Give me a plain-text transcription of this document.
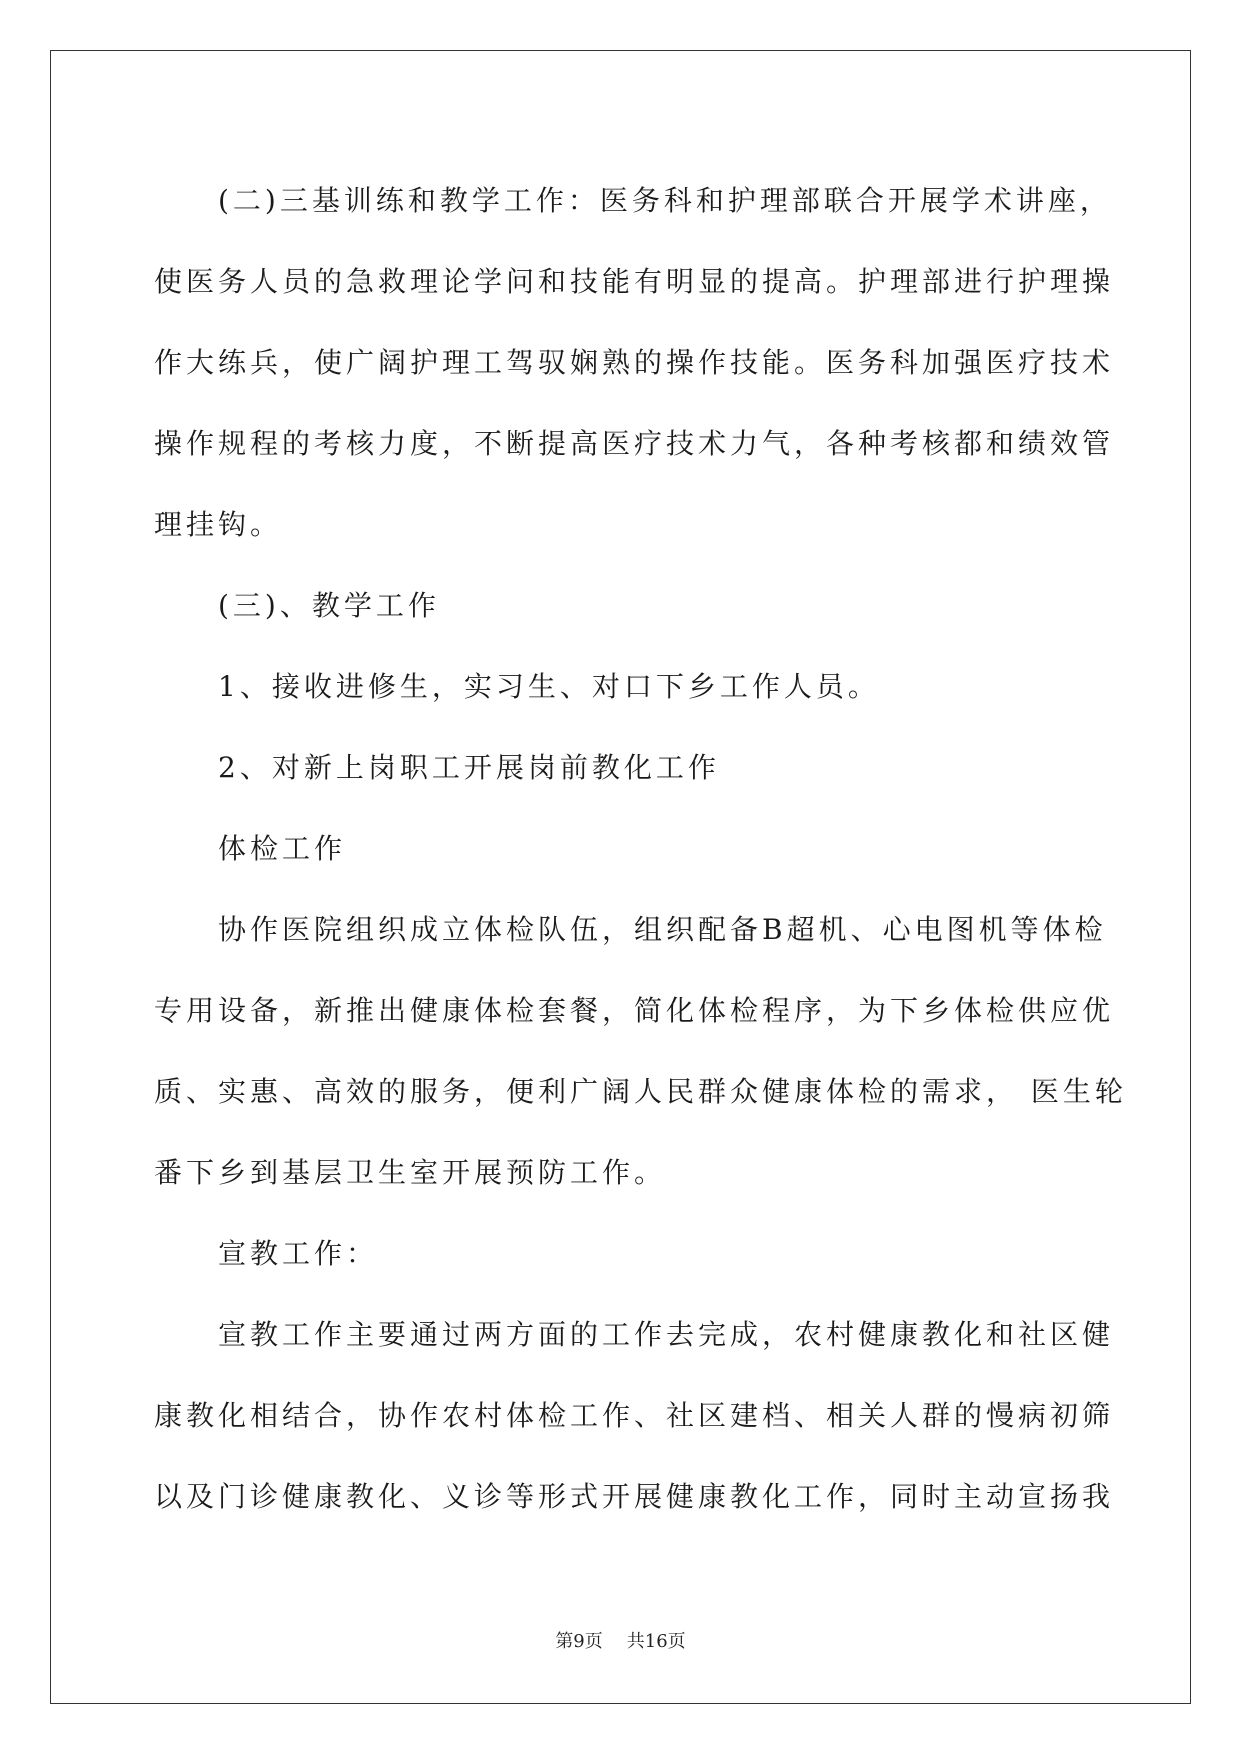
(二)三基训练和教学工作：医务科和护理部联合开展学术讲座，
使医务人员的急救理论学问和技能有明显的提高。护理部进行护理操
作大练兵，使广阔护理工驾驭娴熟的操作技能。医务科加强医疗技术
操作规程的考核力度，不断提高医疗技术力气，各种考核都和绩效管
理挂钩。
(三)、教学工作
1、接收进修生，实习生、对口下乡工作人员。
2、对新上岗职工开展岗前教化工作
体检工作
协作医院组织成立体检队伍，组织配备B超机、心电图机等体检
专用设备，新推出健康体检套餐，简化体检程序，为下乡体检供应优
质、实惠、高效的服务，便利广阔人民群众健康体检的需求， 医生轮
番下乡到基层卫生室开展预防工作。
宣教工作：
宣教工作主要通过两方面的工作去完成，农村健康教化和社区健
康教化相结合，协作农村体检工作、社区建档、相关人群的慢病初筛
以及门诊健康教化、义诊等形式开展健康教化工作，同时主动宣扬我
第9页 共16页
